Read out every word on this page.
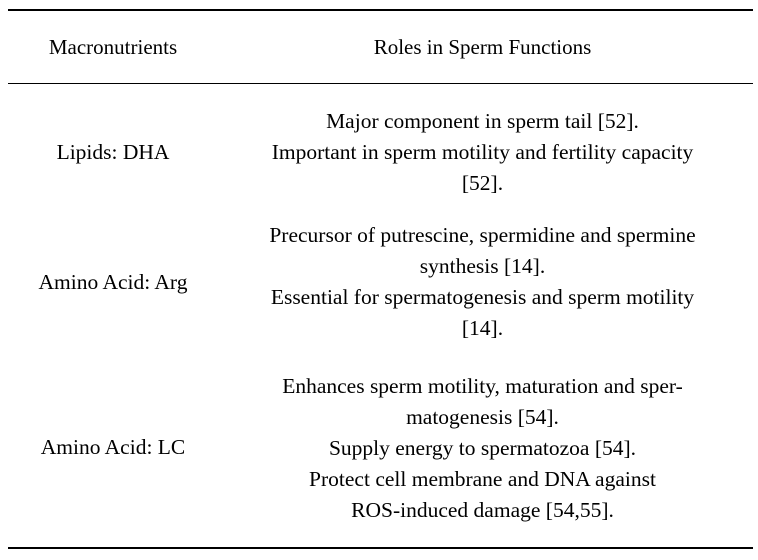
Macronutrients	Roles in Sperm Functions
Lipids: DHA
Major component in sperm tail [52].
Important in sperm motility and fertility capacity
[52].
Amino Acid: Arg
Precursor of putrescine, spermidine and spermine
synthesis [14].
Essential for spermatogenesis and sperm motility
[14].
Amino Acid: LC
Enhances sperm motility, maturation and sper-
matogenesis [54].
Supply energy to spermatozoa [54].
Protect cell membrane and DNA against
ROS-induced damage [54,55].
